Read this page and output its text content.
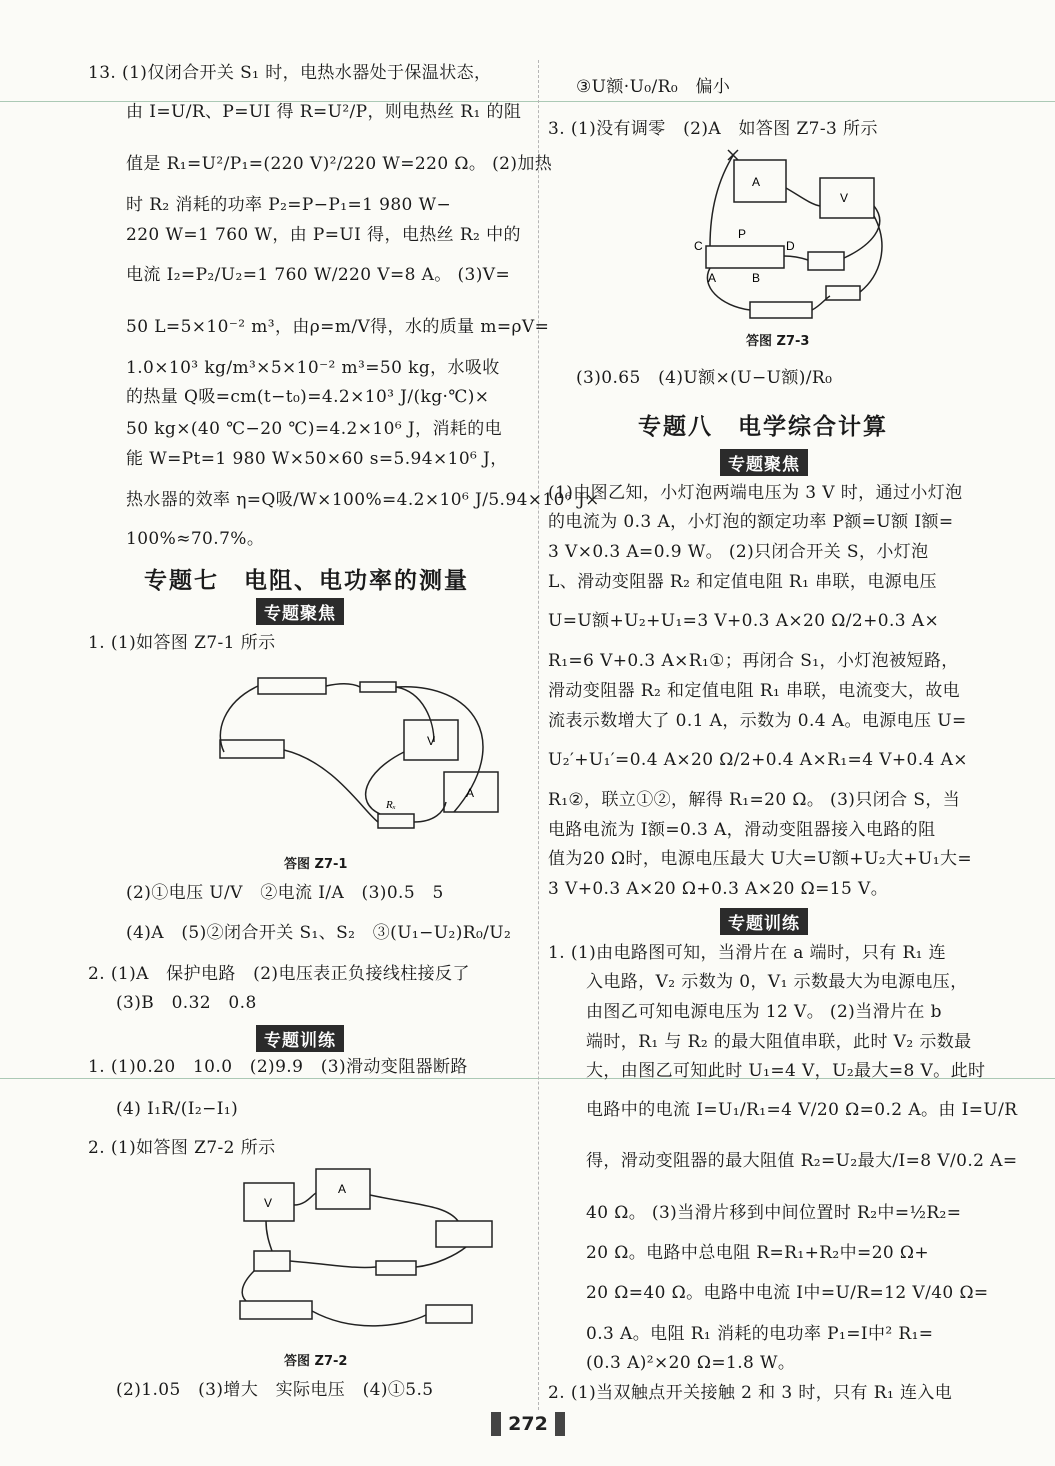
13. (1)仅闭合开关 S₁ 时，电热水器处于保温状态，
由 I=U/R、P=UI 得 R=U²/P，则电热丝 R₁ 的阻
值是 R₁=U²/P₁=(220 V)²/220 W=220 Ω。 (2)加热
时 R₂ 消耗的功率 P₂=P−P₁=1 980 W−
220 W=1 760 W，由 P=UI 得，电热丝 R₂ 中的
电流 I₂=P₂/U₂=1 760 W/220 V=8 A。 (3)V=
50 L=5×10⁻² m³，由ρ=m/V得，水的质量 m=ρV=
1.0×10³ kg/m³×5×10⁻² m³=50 kg，水吸收
的热量 Q吸=cm(t−t₀)=4.2×10³ J/(kg·℃)×
50 kg×(40 ℃−20 ℃)=4.2×10⁶ J，消耗的电
能 W=Pt=1 980 W×50×60 s=5.94×10⁶ J，
热水器的效率 η=Q吸/W×100%=4.2×10⁶ J/5.94×10⁶ J×
100%≈70.7%。
专题七　电阻、电功率的测量
专题聚焦
1. (1)如答图 Z7-1 所示
V
A
Rₓ
答图 Z7-1
(2)①电压 U/V　②电流 I/A　(3)0.5　5
(4)A　(5)②闭合开关 S₁、S₂　③(U₁−U₂)R₀/U₂
2. (1)A　保护电路　(2)电压表正负接线柱接反了
(3)B　0.32　0.8
专题训练
1. (1)0.20　10.0　(2)9.9　(3)滑动变阻器断路
(4) I₁R/(I₂−I₁)
2. (1)如答图 Z7-2 所示
V
A
答图 Z7-2
(2)1.05　(3)增大　实际电压　(4)①5.5
③U额·U₀/R₀　偏小
3. (1)没有调零　(2)A　如答图 Z7-3 所示
A
V
C
P
D
A	B
答图 Z7-3
(3)0.65　(4)U额×(U−U额)/R₀
专题八　电学综合计算
专题聚焦
(1)由图乙知，小灯泡两端电压为 3 V 时，通过小灯泡
的电流为 0.3 A，小灯泡的额定功率 P额=U额 I额=
3 V×0.3 A=0.9 W。 (2)只闭合开关 S，小灯泡
L、滑动变阻器 R₂ 和定值电阻 R₁ 串联，电源电压
U=U额+U₂+U₁=3 V+0.3 A×20 Ω/2+0.3 A×
R₁=6 V+0.3 A×R₁①；再闭合 S₁，小灯泡被短路，
滑动变阻器 R₂ 和定值电阻 R₁ 串联，电流变大，故电
流表示数增大了 0.1 A，示数为 0.4 A。电源电压 U=
U₂′+U₁′=0.4 A×20 Ω/2+0.4 A×R₁=4 V+0.4 A×
R₁②，联立①②，解得 R₁=20 Ω。 (3)只闭合 S，当
电路电流为 I额=0.3 A，滑动变阻器接入电路的阻
值为20 Ω时，电源电压最大 U大=U额+U₂大+U₁大=
3 V+0.3 A×20 Ω+0.3 A×20 Ω=15 V。
专题训练
1. (1)由电路图可知，当滑片在 a 端时，只有 R₁ 连
入电路，V₂ 示数为 0，V₁ 示数最大为电源电压，
由图乙可知电源电压为 12 V。 (2)当滑片在 b
端时，R₁ 与 R₂ 的最大阻值串联，此时 V₂ 示数最
大，由图乙可知此时 U₁=4 V，U₂最大=8 V。此时
电路中的电流 I=U₁/R₁=4 V/20 Ω=0.2 A。由 I=U/R
得，滑动变阻器的最大阻值 R₂=U₂最大/I=8 V/0.2 A=
40 Ω。 (3)当滑片移到中间位置时 R₂中=½R₂=
20 Ω。电路中总电阻 R=R₁+R₂中=20 Ω+
20 Ω=40 Ω。电路中电流 I中=U/R=12 V/40 Ω=
0.3 A。电阻 R₁ 消耗的电功率 P₁=I中² R₁=
(0.3 A)²×20 Ω=1.8 W。
2. (1)当双触点开关接触 2 和 3 时，只有 R₁ 连入电
272
